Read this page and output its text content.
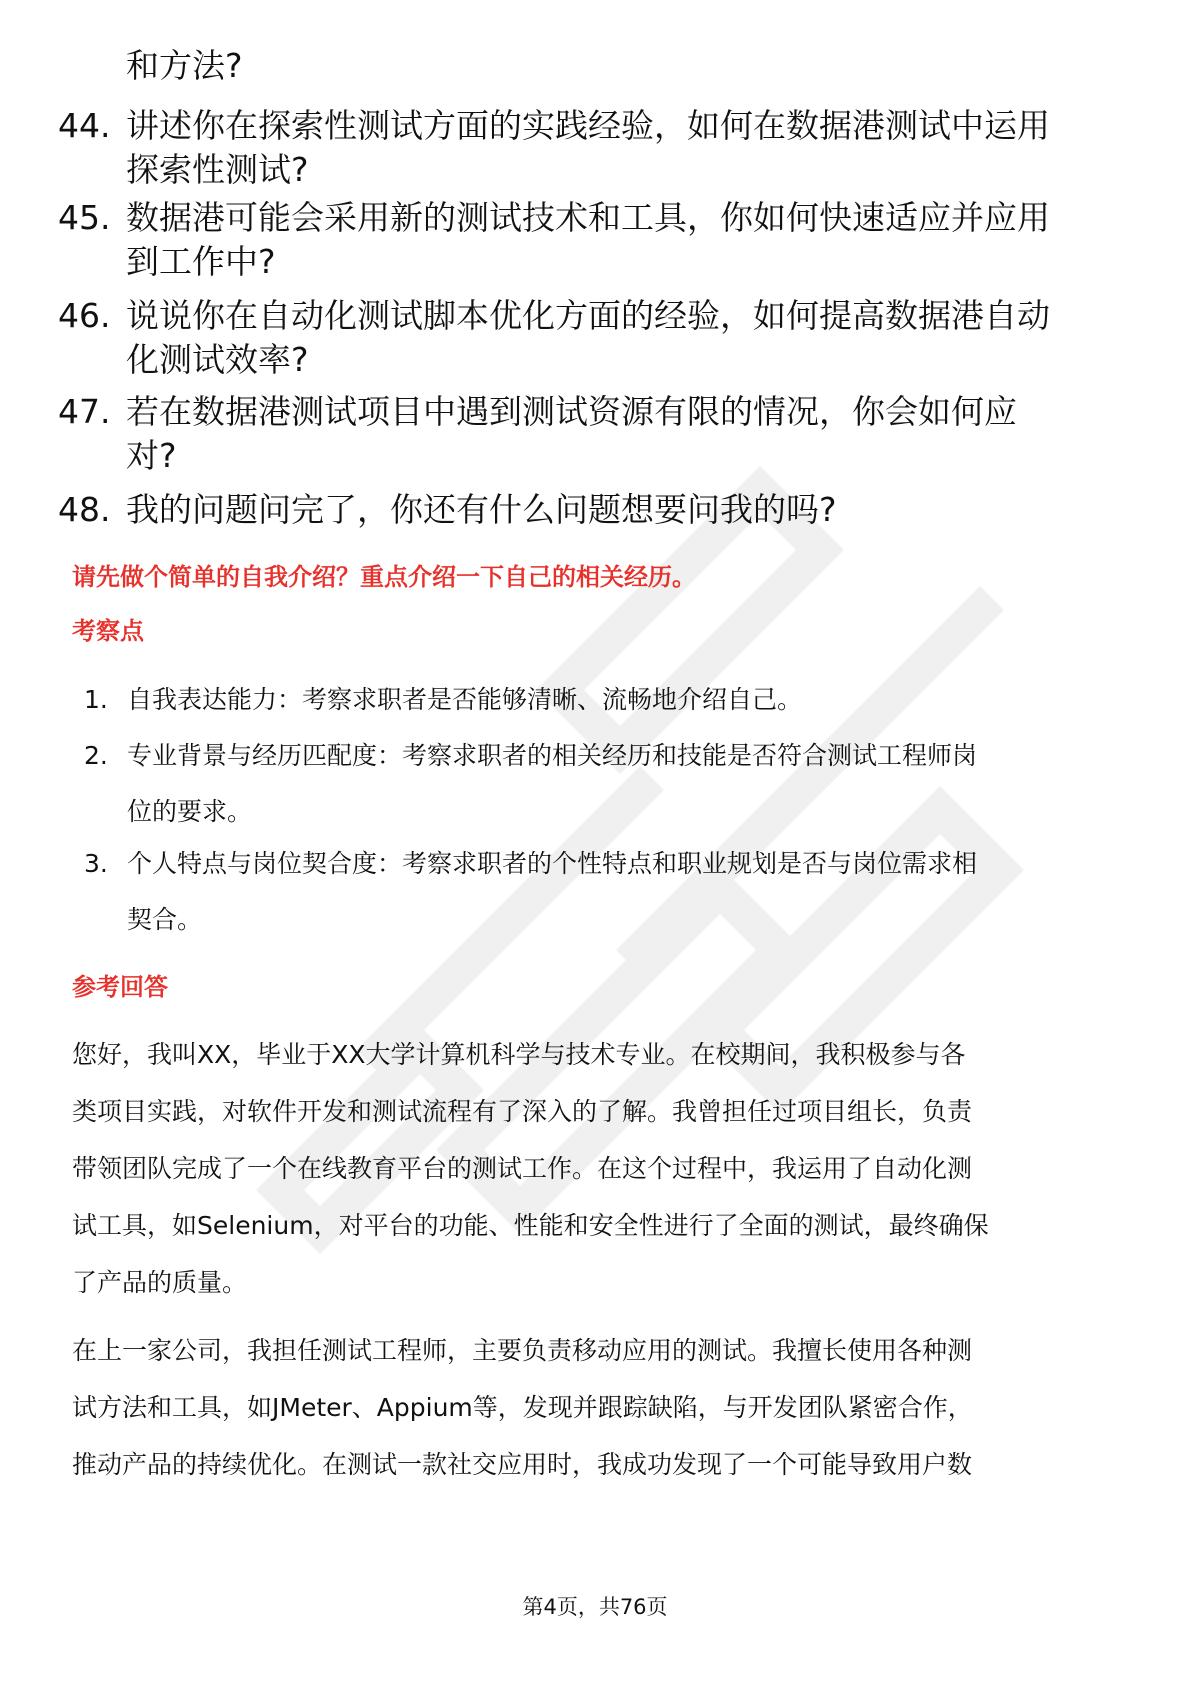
和方法?
44. 讲述你在探索性测试方面的实践经验，如何在数据港测试中运用
探索性测试?
45. 数据港可能会采用新的测试技术和工具，你如何快速适应并应用
到工作中?
46. 说说你在自动化测试脚本优化方面的经验，如何提高数据港自动
化测试效率?
47. 若在数据港测试项目中遇到测试资源有限的情况，你会如何应
对?
48. 我的问题问完了，你还有什么问题想要问我的吗?
请先做个简单的自我介绍？重点介绍一下自己的相关经历。
考察点
1. 自我表达能力：考察求职者是否能够清晰、流畅地介绍自己。
2. 专业背景与经历匹配度：考察求职者的相关经历和技能是否符合测试工程师岗
位的要求。
3. 个人特点与岗位契合度：考察求职者的个性特点和职业规划是否与岗位需求相
契合。
参考回答
您好，我叫XX，毕业于XX大学计算机科学与技术专业。在校期间，我积极参与各
类项目实践，对软件开发和测试流程有了深入的了解。我曾担任过项目组长，负责
带领团队完成了一个在线教育平台的测试工作。在这个过程中，我运用了自动化测
试工具，如Selenium，对平台的功能、性能和安全性进行了全面的测试，最终确保
了产品的质量。
在上一家公司，我担任测试工程师，主要负责移动应用的测试。我擅长使用各种测
试方法和工具，如JMeter、Appium等，发现并跟踪缺陷，与开发团队紧密合作，
推动产品的持续优化。在测试一款社交应用时，我成功发现了一个可能导致用户数
第4页，共76页
